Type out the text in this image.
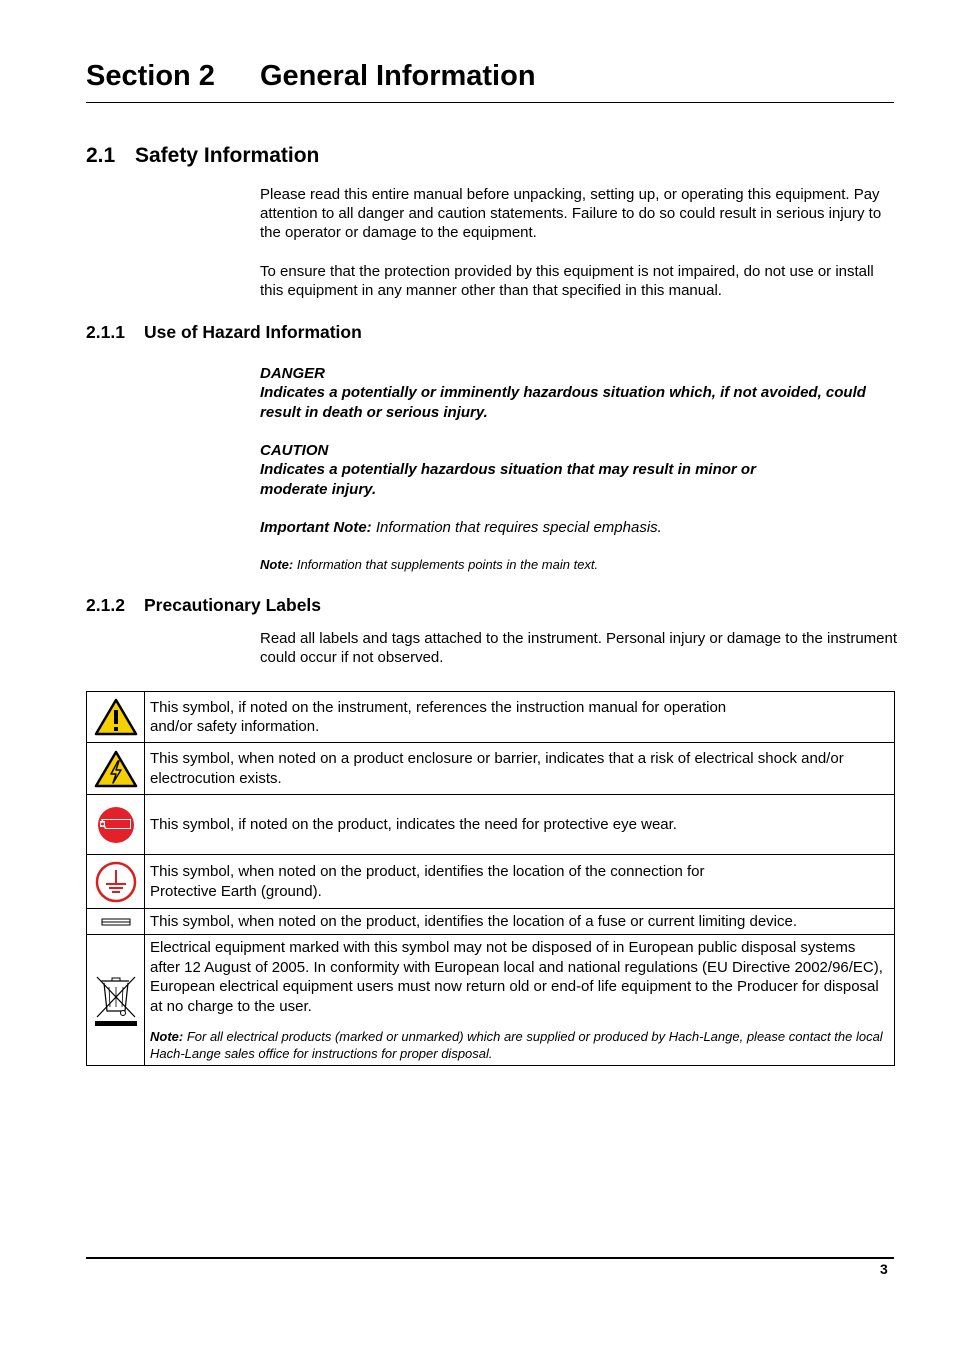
Section 2 General Information
2.1 Safety Information
Please read this entire manual before unpacking, setting up, or operating this equipment. Pay attention to all danger and caution statements. Failure to do so could result in serious injury to the operator or damage to the equipment.
To ensure that the protection provided by this equipment is not impaired, do not use or install this equipment in any manner other than that specified in this manual.
2.1.1 Use of Hazard Information
DANGER
Indicates a potentially or imminently hazardous situation which, if not avoided, could result in death or serious injury.
CAUTION
Indicates a potentially hazardous situation that may result in minor or moderate injury.
Important Note: Information that requires special emphasis.
Note: Information that supplements points in the main text.
2.1.2 Precautionary Labels
Read all labels and tags attached to the instrument. Personal injury or damage to the instrument could occur if not observed.

This symbol, if noted on the instrument, references the instruction manual for operation
and/or safety information.

	This symbol, when noted on a product enclosure or barrier, indicates that a risk of electrical shock and/or electrocution exists.

	This symbol, if noted on the product, indicates the need for protective eye wear.

This symbol, when noted on the product, identifies the location of the connection for
Protective Earth (ground).

	This symbol, when noted on the product, identifies the location of a fuse or current limiting device.

Electrical equipment marked with this symbol may not be disposed of in European public disposal systems after 12 August of 2005. In conformity with European local and national regulations (EU Directive 2002/96/EC), European electrical equipment users must now return old or end-of life equipment to the Producer for disposal at no charge to the user.
Note: For all electrical products (marked or unmarked) which are supplied or produced by Hach-Lange, please contact the local Hach-Lange sales office for instructions for proper disposal.
3
